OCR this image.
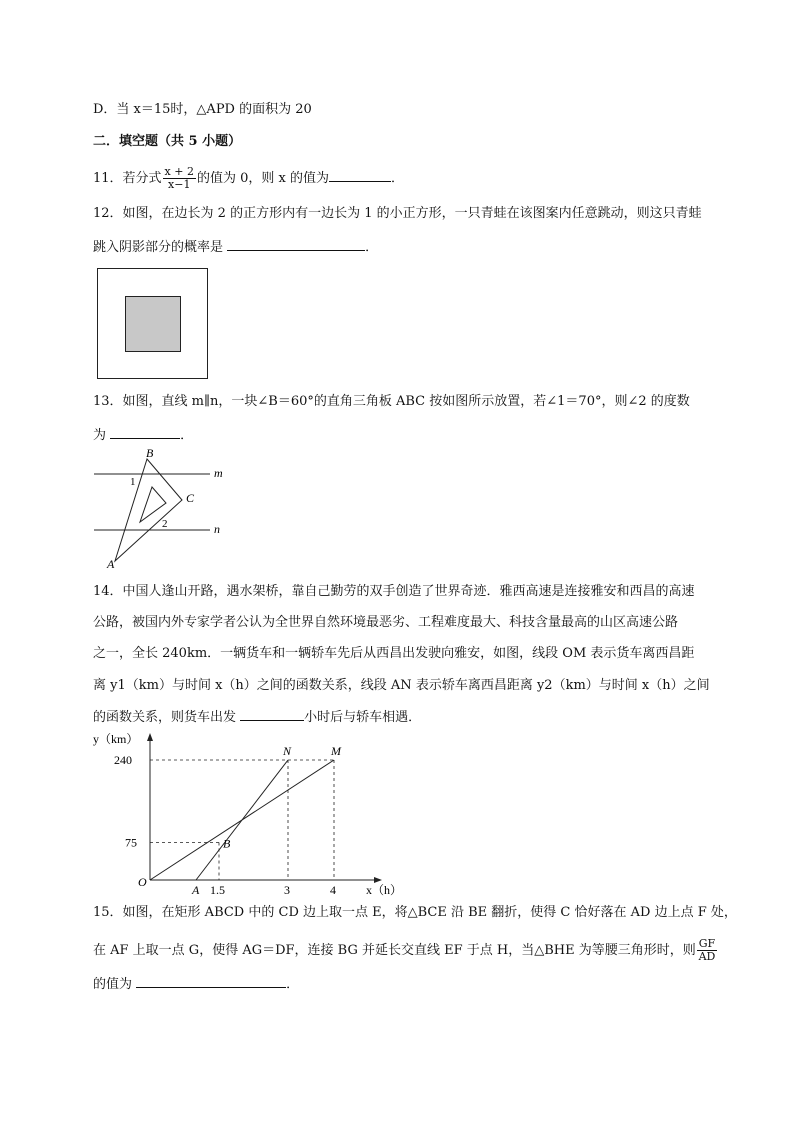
D．当 x＝15时，△APD 的面积为 20
二．填空题（共 5 小题）
11．若分式 $\frac{x + 2}{x-1}$ 的值为 0，则 x 的值为	．
12．如图，在边长为 2 的正方形内有一边长为 1 的小正方形，一只青蛙在该图案内任意跳动，则这只青蛙
跳入阴影部分的概率是	．
13．如图，直线 m∥n，一块∠B＝60°的直角三角板 ABC 按如图所示放置，若∠1＝70°，则∠2 的度数
为	．
B
C
A
m
n
1
2
14．中国人逢山开路，遇水架桥，靠自己勤劳的双手创造了世界奇迹．雅西高速是连接雅安和西昌的高速
公路，被国内外专家学者公认为全世界自然环境最恶劣、工程难度最大、科技含量最高的山区高速公路
之一，全长 240km．一辆货车和一辆轿车先后从西昌出发驶向雅安，如图，线段 OM 表示货车离西昌距
离 y1（km）与时间 x（h）之间的函数关系，线段 AN 表示轿车离西昌距离 y2（km）与时间 x（h）之间
的函数关系，则货车出发	小时后与轿车相遇．
y（km）
x（h）
240
75
1.5	3	4
O
A
B
N	M
15．如图，在矩形 ABCD 中的 CD 边上取一点 E，将△BCE 沿 BE 翻折，使得 C 恰好落在 AD 边上点 F 处，
在 AF 上取一点 G，使得 AG＝DF，连接 BG 并延长交直线 EF 于点 H，当△BHE 为等腰三角形时，则 $\frac{GF}{AD}$
的值为	．
